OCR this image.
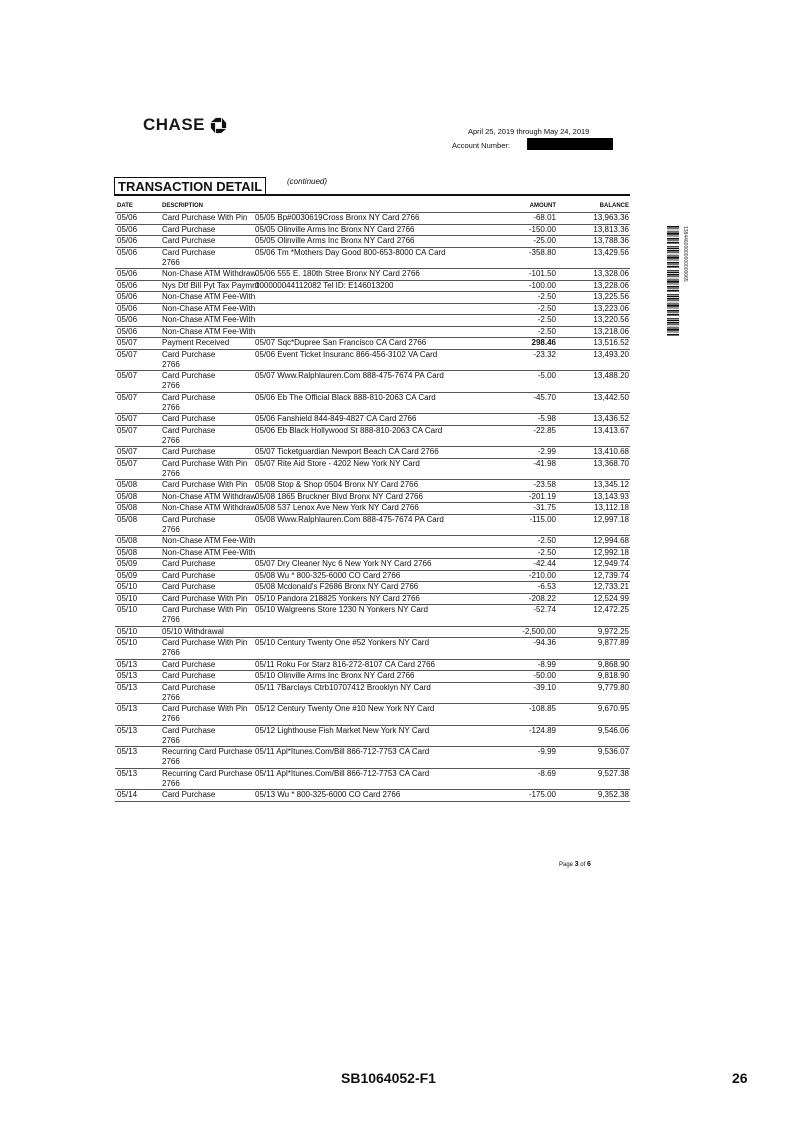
CHASE	April 25, 2019 through May 24, 2019
Account Number:
TRANSACTION DETAIL	(continued)
DATE	DESCRIPTION	AMOUNT	BALANCE
05/06	Card Purchase With Pin 05/05 Bp#0030619Cross Bronx NY Card 2766	-68.01	13,963.36
05/06	Card Purchase	05/05 Olinville Arms Inc Bronx NY Card 2766	-150.00	13,813.36
05/06	Card Purchase	05/05 Olinville Arms Inc Bronx NY Card 2766	-25.00	13,788.36
05/06	Card Purchase	05/06 Tm *Mothers Day Good 800-653-8000 CA Card
2766
-358.80	13,429.56
05/06	Non-Chase ATM Withdraw05/06 555 E. 180th Stree Bronx NY Card 2766	-101.50	13,328.06
05/06	Nys Dtf Bill Pyt Tax Paymnt000000044112082 Tel ID: E146013200	-100.00	13,228.06
05/06	Non-Chase ATM Fee-With	-2.50	13,225.56
05/06	Non-Chase ATM Fee-With	-2.50	13,223.06
05/06	Non-Chase ATM Fee-With	-2.50	13,220.56
05/06	Non-Chase ATM Fee-With	-2.50	13,218.06
05/07	Payment Received	05/07 Sqc*Dupree San Francisco CA Card 2766	298.46	13,516.52
05/07	Card Purchase	05/06 Event Ticket Insuranc 866-456-3102 VA Card
2766
-23.32	13,493.20
05/07	Card Purchase	05/07 Www.Ralphlauren.Com 888-475-7674 PA Card
2766
-5.00	13,488.20
05/07	Card Purchase	05/06 Eb The Official Black 888-810-2063 CA Card
2766
-45.70	13,442.50
05/07	Card Purchase	05/06 Fanshield 844-849-4827 CA Card 2766	-5.98	13,436.52
05/07	Card Purchase	05/06 Eb Black Hollywood St 888-810-2063 CA Card
2766
-22.85	13,413.67
05/07	Card Purchase	05/07 Ticketguardian Newport Beach CA Card 2766	-2.99	13,410.68
05/07	Card Purchase With Pin 05/07 Rite Aid Store - 4202 New York NY Card
2766
-41.98	13,368.70
05/08	Card Purchase With Pin 05/08 Stop & Shop 0504 Bronx NY Card 2766	-23.58	13,345.12
05/08	Non-Chase ATM Withdraw05/08 1865 Bruckner Blvd Bronx NY Card 2766	-201.19	13,143.93
05/08	Non-Chase ATM Withdraw05/08 537 Lenox Ave New York NY Card 2766	-31.75	13,112.18
05/08	Card Purchase	05/08 Www.Ralphlauren.Com 888-475-7674 PA Card
2766
-115.00	12,997.18
05/08	Non-Chase ATM Fee-With	-2.50	12,994.68
05/08	Non-Chase ATM Fee-With	-2.50	12,992.18
05/09	Card Purchase	05/07 Dry Cleaner Nyc 6 New York NY Card 2766	-42.44	12,949.74
05/09	Card Purchase	05/08 Wu * 800-325-6000 CO Card 2766	-210.00	12,739.74
05/10	Card Purchase	05/08 Mcdonald's F2686 Bronx NY Card 2766	-6.53	12,733.21
05/10	Card Purchase With Pin 05/10 Pandora 218825 Yonkers NY Card 2766	-208.22	12,524.99
05/10	Card Purchase With Pin 05/10 Walgreens Store 1230 N Yonkers NY Card
2766
-52.74	12,472.25
05/10	05/10 Withdrawal	-2,500.00	9,972.25
05/10	Card Purchase With Pin 05/10 Century Twenty One #52 Yonkers NY Card
2766
-94.36	9,877.89
05/13	Card Purchase	05/11 Roku For Starz 816-272-8107 CA Card 2766	-8.99	9,868.90
05/13	Card Purchase	05/10 Olinville Arms Inc Bronx NY Card 2766	-50.00	9,818.90
05/13	Card Purchase	05/11 7Barclays Ctrb10707412 Brooklyn NY Card
2766
-39.10	9,779.80
05/13	Card Purchase With Pin 05/12 Century Twenty One #10 New York NY Card
2766
-108.85	9,670.95
05/13	Card Purchase	05/12 Lighthouse Fish Market New York NY Card
2766
-124.89	9,546.06
05/13	Recurring Card Purchase 05/11 Apl*Itunes.Com/Bill 866-712-7753 CA Card
2766
-9.99	9,536.07
05/13	Recurring Card Purchase 05/11 Apl*Itunes.Com/Bill 866-712-7753 CA Card
2766
-8.69	9,527.38
05/14	Card Purchase	05/13 Wu * 800-325-6000 CO Card 2766	-175.00	9,352.38
13844600000000000065
Page 3 of 6
SB1064052-F1	26
